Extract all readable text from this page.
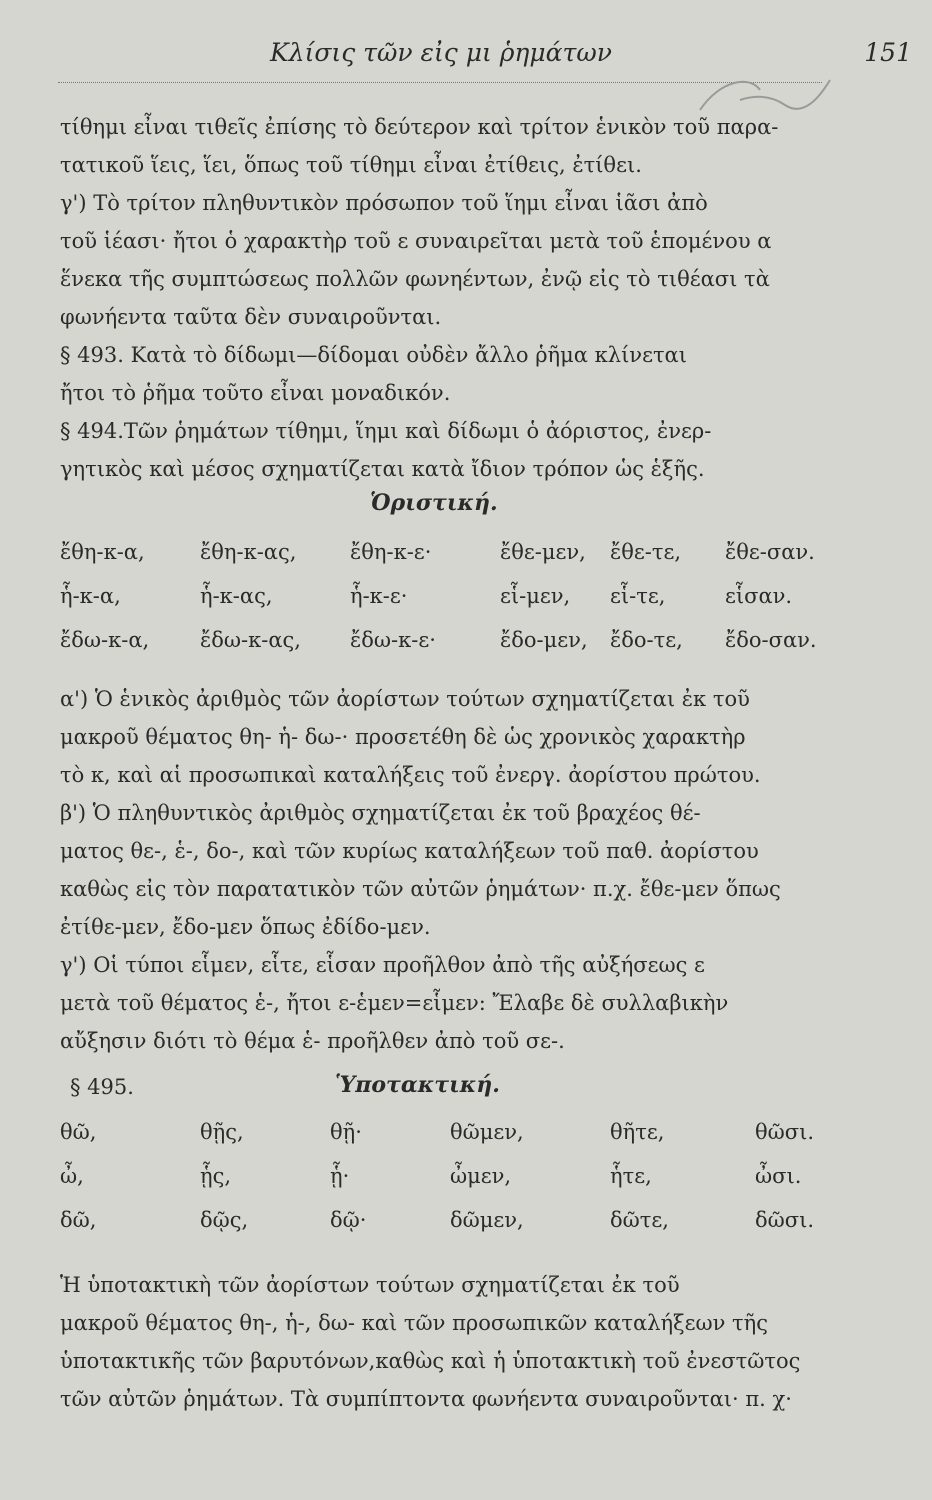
Κλίσις τῶν εἰς μι ῥημάτων	151
τίθημι εἶναι τιθεῖς ἐπίσης τὸ δεύτερον καὶ τρίτον ἑνικὸν τοῦ παρα-
τατικοῦ ἵεις, ἵει, ὅπως τοῦ τίθημι εἶναι ἐτίθεις, ἐτίθει.
γ') Τὸ τρίτον πληθυντικὸν πρόσωπον τοῦ ἵημι εἶναι ἱᾶσι ἀπὸ
τοῦ ἱέασι· ἤτοι ὁ χαρακτὴρ τοῦ ε συναιρεῖται μετὰ τοῦ ἑπομένου α
ἕνεκα τῆς συμπτώσεως πολλῶν φωνηέντων, ἐνῷ εἰς τὸ τιθέασι τὰ
φωνήεντα ταῦτα δὲν συναιροῦνται.
§ 493. Κατὰ τὸ δίδωμι—δίδομαι οὐδὲν ἄλλο ῥῆμα κλίνεται
ἤτοι τὸ ῥῆμα τοῦτο εἶναι μοναδικόν.
§ 494.Τῶν ῥημάτων τίθημι, ἵημι καὶ δίδωμι ὁ ἀόριστος, ἐνερ-
γητικὸς καὶ μέσος σχηματίζεται κατὰ ἴδιον τρόπον ὡς ἑξῆς.
Ὁριστική.
ἔθη-κ-α,	ἔθη-κ-ας,	ἔθη-κ-ε·	ἔθε-μεν, ἔθε-τε, ἔθε-σαν.
ἧ-κ-α,	ἧ-κ-ας,	ἧ-κ-ε·	εἷ-μεν, εἷ-τε,	εἷσαν.
ἔδω-κ-α, ἔδω-κ-ας, ἔδω-κ-ε·	ἔδο-μεν, ἔδο-τε, ἔδο-σαν.
α') Ὁ ἑνικὸς ἀριθμὸς τῶν ἀορίστων τούτων σχηματίζεται ἐκ τοῦ
μακροῦ θέματος θη- ἡ- δω-· προσετέθη δὲ ὡς χρονικὸς χαρακτὴρ
τὸ κ, καὶ αἱ προσωπικαὶ καταλήξεις τοῦ ἐνεργ. ἀορίστου πρώτου.
β') Ὁ πληθυντικὸς ἀριθμὸς σχηματίζεται ἐκ τοῦ βραχέος θέ-
ματος θε-, ἑ-, δο-, καὶ τῶν κυρίως καταλήξεων τοῦ παθ. ἀορίστου
καθὼς εἰς τὸν παρατατικὸν τῶν αὐτῶν ῥημάτων· π.χ. ἔθε-μεν ὅπως
ἐτίθε-μεν, ἔδο-μεν ὅπως ἐδίδο-μεν.
γ') Οἱ τύποι εἷμεν, εἷτε, εἷσαν προῆλθον ἀπὸ τῆς αὐξήσεως ε
μετὰ τοῦ θέματος ἑ-, ἤτοι ε-ἑμεν=εἷμεν: Ἔλαβε δὲ συλλαβικὴν
αὔξησιν διότι τὸ θέμα ἑ- προῆλθεν ἀπὸ τοῦ σε-.
§ 495.	Ὑποτακτική.
θῶ,	θῇς,	θῇ·	θῶμεν,	θῆτε,	θῶσι.
ὦ,	ᾗς,	ᾗ·	ὦμεν,	ἧτε,	ὦσι.
δῶ,	δῷς,	δῷ·	δῶμεν,	δῶτε,	δῶσι.
Ἡ ὑποτακτικὴ τῶν ἀορίστων τούτων σχηματίζεται ἐκ τοῦ
μακροῦ θέματος θη-, ἡ-, δω- καὶ τῶν προσωπικῶν καταλήξεων τῆς
ὑποτακτικῆς τῶν βαρυτόνων,καθὼς καὶ ἡ ὑποτακτικὴ τοῦ ἐνεστῶτος
τῶν αὐτῶν ῥημάτων. Τὰ συμπίπτοντα φωνήεντα συναιροῦνται· π. χ·
